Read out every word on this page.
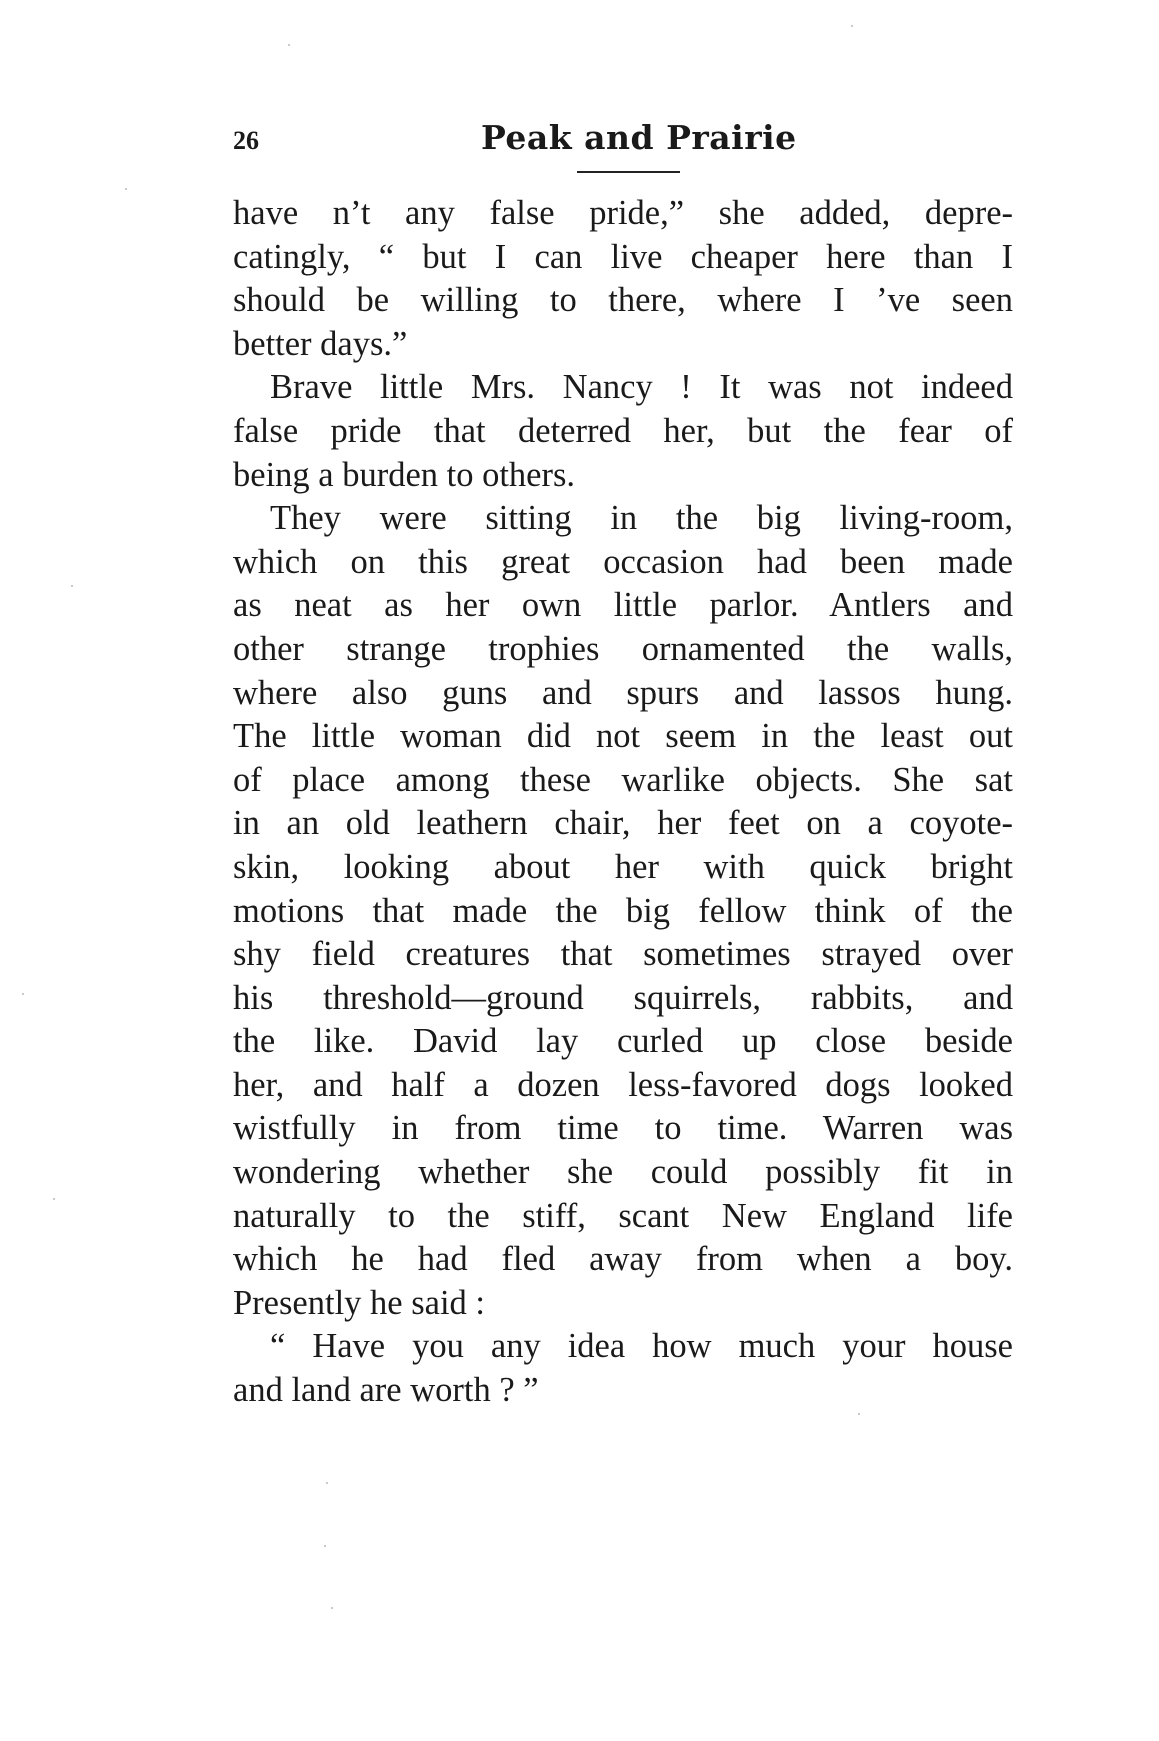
26	Peak and Prairie
have n’t any false pride,” she added, depre-
catingly, “ but I can live cheaper here than I
should be willing to there, where I ’ve seen
better days.”
Brave little Mrs. Nancy ! It was not indeed
false pride that deterred her, but the fear of
being a burden to others.
They were sitting in the big living-room,
which on this great occasion had been made
as neat as her own little parlor. Antlers and
other strange trophies ornamented the walls,
where also guns and spurs and lassos hung.
The little woman did not seem in the least out
of place among these warlike objects. She sat
in an old leathern chair, her feet on a coyote-
skin, looking about her with quick bright
motions that made the big fellow think of the
shy field creatures that sometimes strayed over
his threshold—ground squirrels, rabbits, and
the like. David lay curled up close beside
her, and half a dozen less-favored dogs looked
wistfully in from time to time. Warren was
wondering whether she could possibly fit in
naturally to the stiff, scant New England life
which he had fled away from when a boy.
Presently he said :
“ Have you any idea how much your house
and land are worth ? ”
